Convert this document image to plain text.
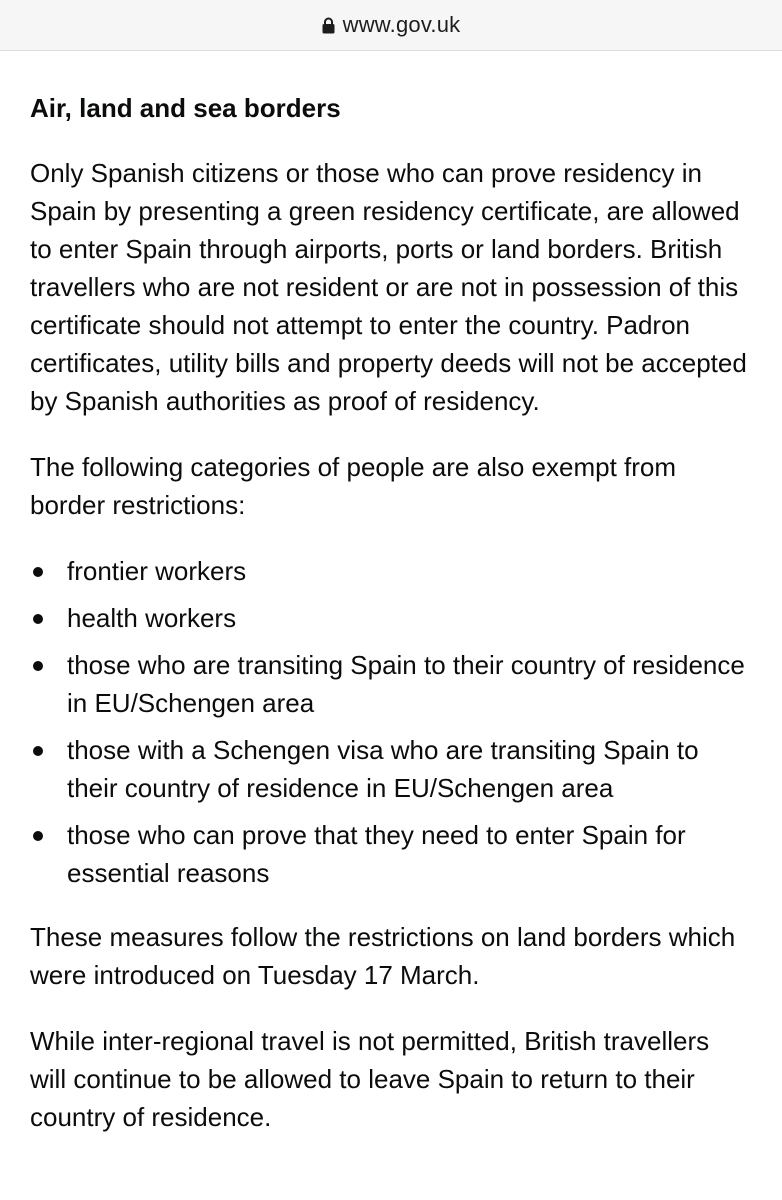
www.gov.uk
Air, land and sea borders

Only Spanish citizens or those who can prove residency in Spain by presenting a green residency certificate, are allowed to enter Spain through airports, ports or land borders. British travellers who are not resident or are not in possession of this certificate should not attempt to enter the country. Padron certificates, utility bills and property deeds will not be accepted by Spanish authorities as proof of residency.

The following categories of people are also exempt from border restrictions:

frontier workers
health workers
those who are transiting Spain to their country of residence in EU/Schengen area
those with a Schengen visa who are transiting Spain to their country of residence in EU/Schengen area
those who can prove that they need to enter Spain for essential reasons

These measures follow the restrictions on land borders which were introduced on Tuesday 17 March.

While inter-regional travel is not permitted, British travellers will continue to be allowed to leave Spain to return to their country of residence.
